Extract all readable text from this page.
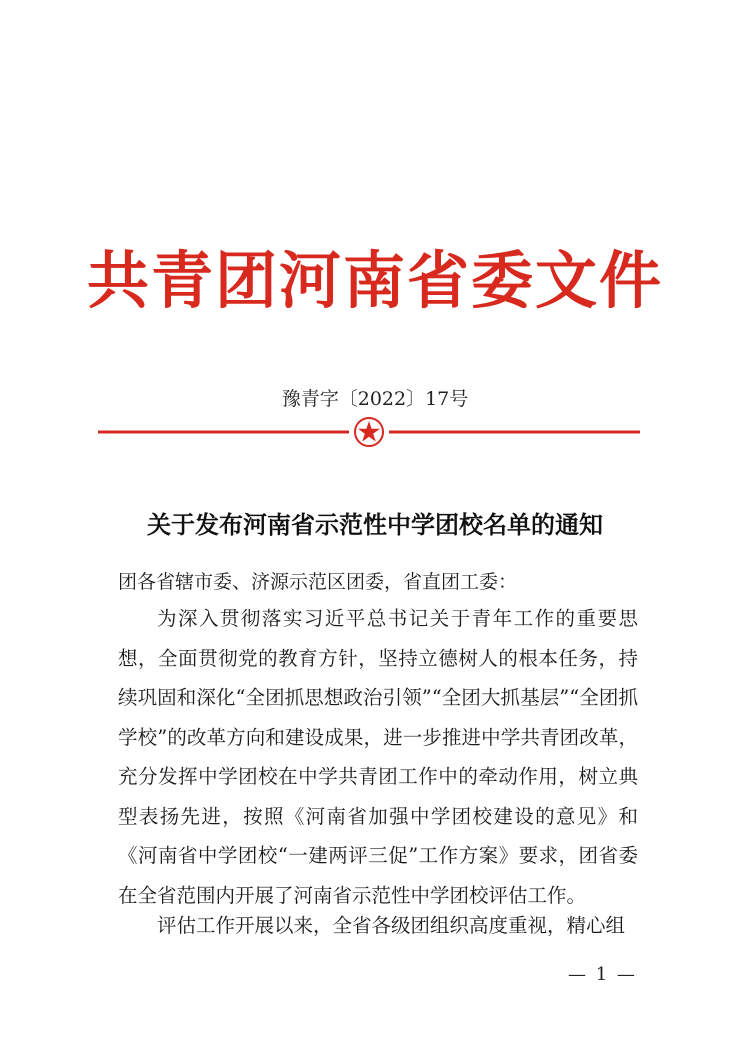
共青团河南省委文件
豫青字〔2022〕17号
关于发布河南省示范性中学团校名单的通知
团各省辖市委、济源示范区团委，省直团工委：

为深入贯彻落实习近平总书记关于青年工作的重要思想，全面贯彻党的教育方针，坚持立德树人的根本任务，持续巩固和深化“全团抓思想政治引领”“全团大抓基层”“全团抓学校”的改革方向和建设成果，进一步推进中学共青团改革，充分发挥中学团校在中学共青团工作中的牵动作用，树立典型表扬先进，按照《河南省加强中学团校建设的意见》和《河南省中学团校“一建两评三促”工作方案》要求，团省委在全省范围内开展了河南省示范性中学团校评估工作。

评估工作开展以来，全省各级团组织高度重视，精心组

— 1 —
